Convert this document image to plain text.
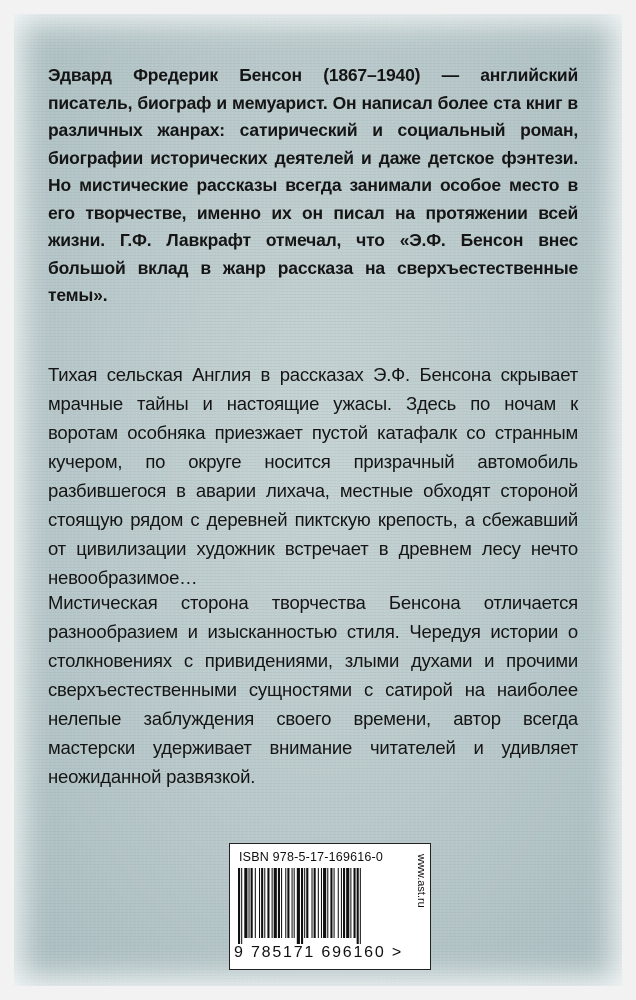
Эдвард Фредерик Бенсон (1867–1940) — английский писатель, биограф и мемуарист. Он написал более ста книг в различных жанрах: сатирический и социальный роман, биографии исторических деятелей и даже детское фэнтези. Но мистические рассказы всегда занимали особое место в его творчестве, именно их он писал на протяжении всей жизни. Г.Ф. Лавкрафт отмечал, что «Э.Ф. Бенсон внес большой вклад в жанр рассказа на сверхъестественные темы».
Тихая сельская Англия в рассказах Э.Ф. Бенсона скрывает мрачные тайны и настоящие ужасы. Здесь по ночам к воротам особняка приезжает пустой катафалк со странным кучером, по округе носится призрачный автомобиль разбившегося в аварии лихача, местные обходят стороной стоящую рядом с деревней пиктскую крепость, а сбежавший от цивилизации художник встречает в древнем лесу нечто невообразимое…
Мистическая сторона творчества Бенсона отличается разнообразием и изысканностью стиля. Чередуя истории о столкновениях с привидениями, злыми духами и прочими сверхъестественными сущностями с сатирой на наиболее нелепые заблуждения своего времени, автор всегда мастерски удерживает внимание читателей и удивляет неожиданной развязкой.
ISBN 978-5-17-169616-0
9 785171 696160 >
www.ast.ru
